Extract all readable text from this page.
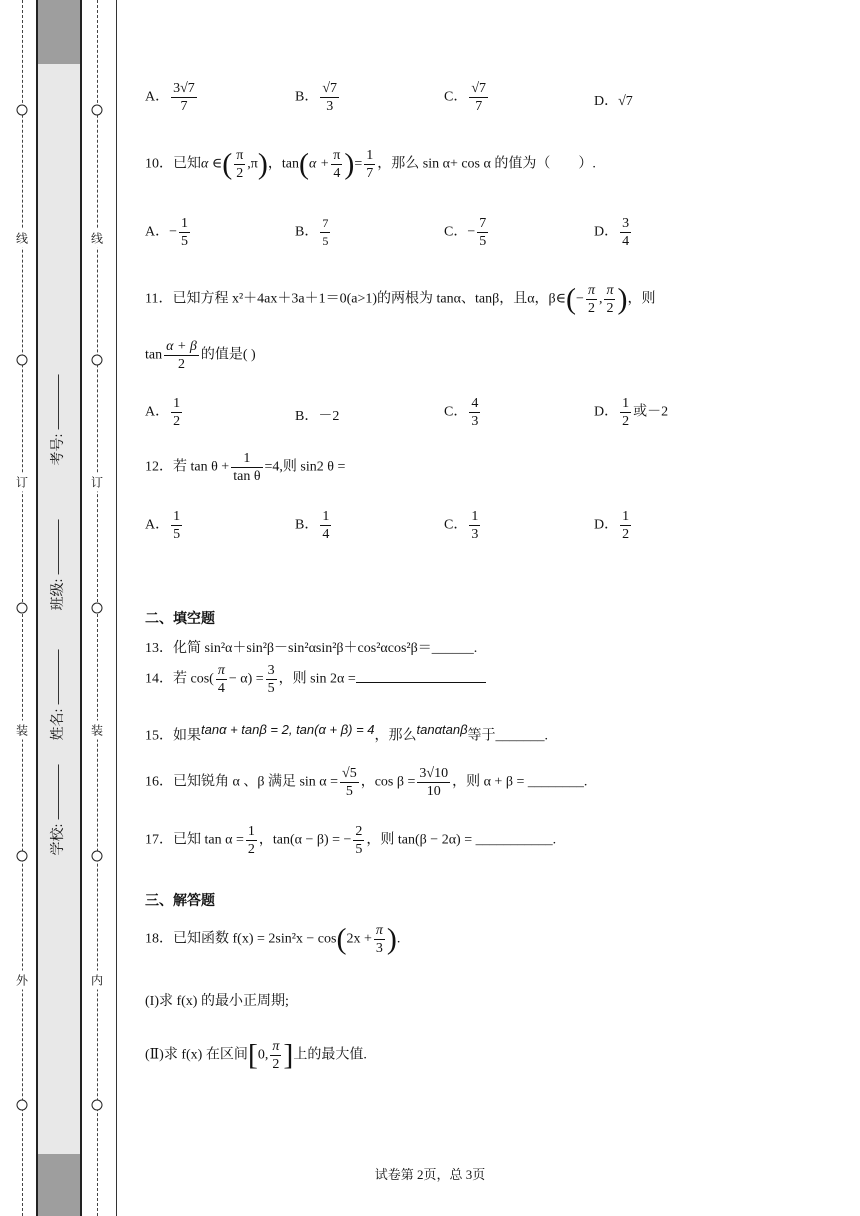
线
订
装
外
线
订
装
内
学校:
姓名:
班级:
考号:
A． $\frac{3√7}{7}$	B． $\frac{√7}{3}$	C． $\frac{√7}{7}$	D．√7
10．已知α ∈( $\frac{\pi}{2} ,\pi$)，$\tan(\alpha + \frac{\pi}{4}$ )= $\frac{1}{7}$ ，那么 sin α+ cos α 的值为（　　）.
A．− $\frac{1}{5}$	B． $\frac{7}{5}$	C．− $\frac{7}{5}$	D． $\frac{3}{4}$
11．已知方程 x²＋4ax＋3a＋1＝0(a>1)的两根为 tanα、tanβ，且α，β∈(− $\frac{\pi}{2}$ , $\frac{\pi}{2}$ )，则
$\tan \frac{\alpha + \beta}{2}$ 的值是( )
A． $\frac{1}{2}$	B．－2	C． $\frac{4}{3}$	D． $\frac{1}{2}$ 或－2
12．若 $\tan \theta + \frac{1}{\text{tan θ}} =4$,则 sin2 θ =
A． $\frac{1}{5}$	B． $\frac{1}{4}$	C． $\frac{1}{3}$	D． $\frac{1}{2}$
二、填空题
13．化简 sin²α＋sin²β－sin²αsin²β＋cos²αcos²β＝______.
14．若 $\cos( \frac{\pi}{4} - \alpha) = \frac{3}{5}$ ，则 sin 2α =
15．如果tanα + tanβ = 2, tan(α + β) = 4，那么tanαtanβ等于_______.
16．已知锐角 α 、β 满足 $\sin \alpha = \frac{√5}{5}$ ，$\cos \beta = \frac{3√10}{10}$ ，则 α + β = ________.
17．已知 $\tan \alpha = \frac{1}{2}$ ，tan(α − β) = − $\frac{2}{5}$ ，则 tan(β − 2α) = ___________.
三、解答题
18．已知函数 $f(x) = 2\sin^2x - \cos(2x + \frac{\pi}{3}$ ).
(I)求 f(x) 的最小正周期;
(Ⅱ)求 f(x) 在区间[0, $\frac{\pi}{2}$ ]上的最大值.
试卷第 2页，总 3页
